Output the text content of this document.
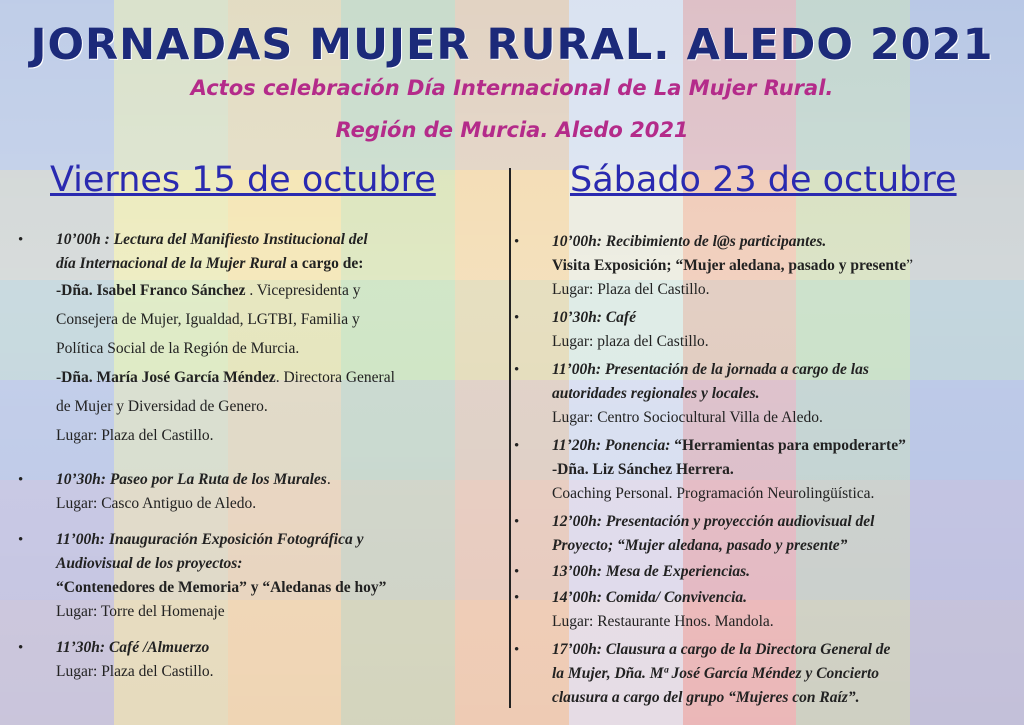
JORNADAS MUJER RURAL. ALEDO 2021
Actos celebración Día Internacional de La Mujer Rural.
Región de Murcia. Aledo 2021
Viernes 15 de octubre	Sábado 23 de octubre
• 10’00h : Lectura del Manifiesto Institucional del
día Internacional de la Mujer Rural a cargo de:
-Dña. Isabel Franco Sánchez . Vicepresidenta y
Consejera de Mujer, Igualdad, LGTBI, Familia y
Política Social de la Región de Murcia.
-Dña. María José García Méndez. Directora General
de Mujer y Diversidad de Genero.
Lugar: Plaza del Castillo.
• 10’30h: Paseo por La Ruta de los Murales.
Lugar: Casco Antiguo de Aledo.
• 11’00h: Inauguración Exposición Fotográfica y
Audiovisual de los proyectos:
“Contenedores de Memoria” y “Aledanas de hoy”
Lugar: Torre del Homenaje
• 11’30h: Café /Almuerzo
Lugar: Plaza del Castillo.
• 10’00h: Recibimiento de l@s participantes.
Visita Exposición; “Mujer aledana, pasado y presente”
Lugar: Plaza del Castillo.
• 10’30h: Café
Lugar: plaza del Castillo.
• 11’00h: Presentación de la jornada a cargo de las
autoridades regionales y locales.
Lugar: Centro Sociocultural Villa de Aledo.
• 11’20h: Ponencia: “Herramientas para empoderarte”
-Dña. Liz Sánchez Herrera.
Coaching Personal. Programación Neurolingüística.
• 12’00h: Presentación y proyección audiovisual del
Proyecto; “Mujer aledana, pasado y presente”
• 13’00h: Mesa de Experiencias.
• 14’00h: Comida/ Convivencia.
Lugar: Restaurante Hnos. Mandola.
• 17’00h: Clausura a cargo de la Directora General de
la Mujer, Dña. Mª José García Méndez y Concierto
clausura a cargo del grupo “Mujeres con Raíz”.
